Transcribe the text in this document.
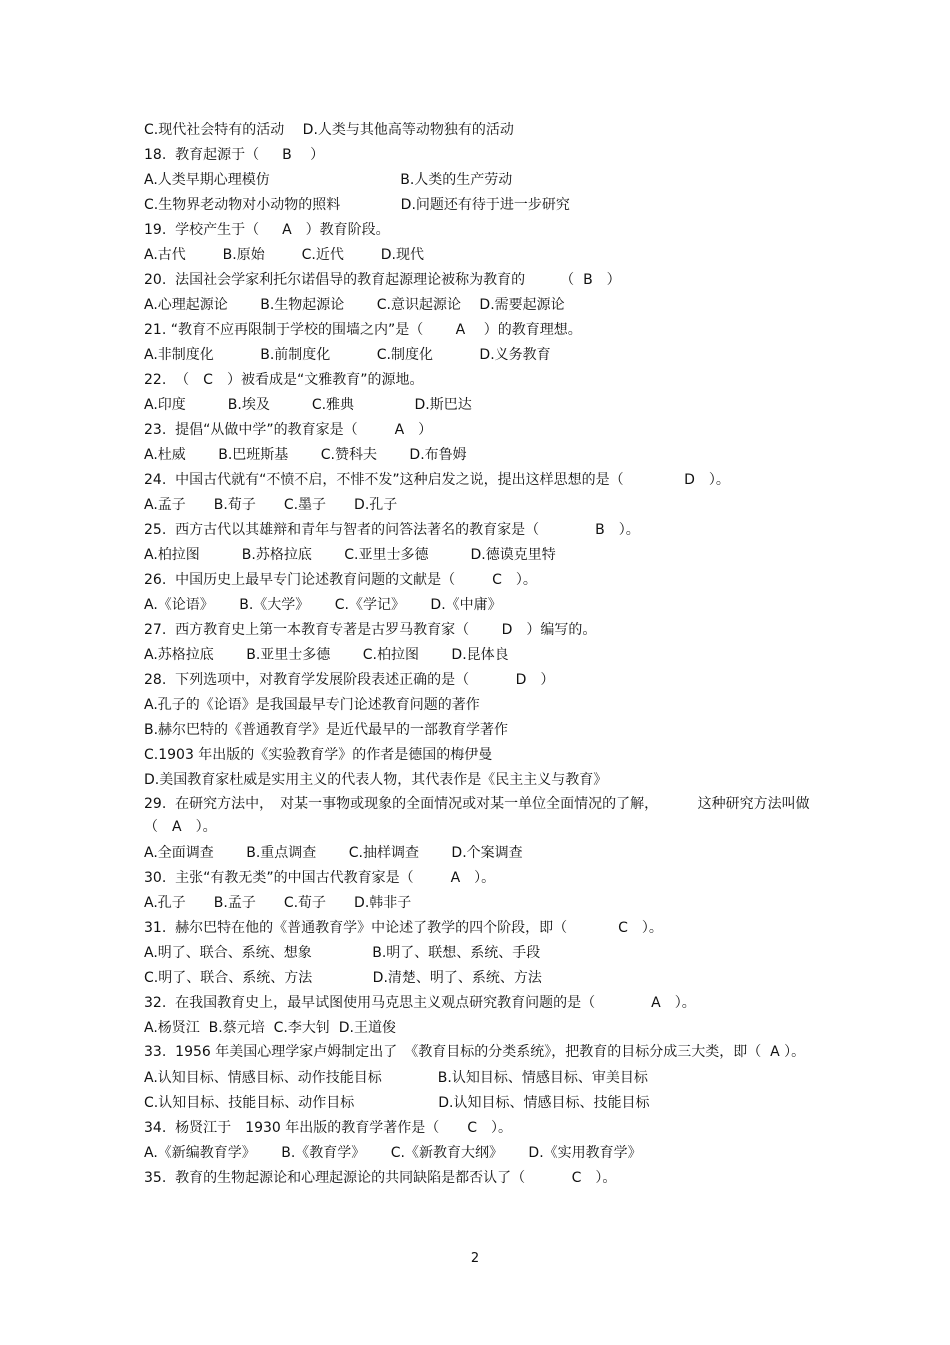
C.现代社会特有的活动　 D.人类与其他高等动物独有的活动
18.  教育起源于（　  B　 ）
A.人类早期心理模仿　　　　　　　　　 B.人类的生产劳动
C.生物界老动物对小动物的照料　　　　 D.问题还有待于进一步研究
19.  学校产生于（　  A　）教育阶段。
A.古代　　  B.原始　　  C.近代　　  D.现代
20.  法国社会学家利托尔诺倡导的教育起源理论被称为教育的　　　（  B　）
A.心理起源论　　 B.生物起源论　　 C.意识起源论　 D.需要起源论
21. “教育不应再限制于学校的围墙之内”是（　　 A　 ）的教育理想。
A.非制度化　　　 B.前制度化　　　 C.制度化　　　 D.义务教育
22.  （　C　）被看成是“文雅教育”的源地。
A.印度　　　B.埃及　　　C.雅典　　　　 D.斯巴达
23.  提倡“从做中学”的教育家是（　　  A　）
A.杜威　　 B.巴班斯基　　 C.赞科夫　　 D.布鲁姆
24.  中国古代就有“不愤不启，不悱不发”这种启发之说，提出这样思想的是（　　　　 D　）。
A.孟子　　B.荀子　　C.墨子　　D.孔子
25.  西方古代以其雄辩和青年与智者的问答法著名的教育家是（　　　　B　）。
A.柏拉图　　　B.苏格拉底　　 C.亚里士多德　　　D.德谟克里特
26.  中国历史上最早专门论述教育问题的文献是（　　  C　）。
A.《论语》　　 B.《大学》　　 C.《学记》　　 D.《中庸》
27.  西方教育史上第一本教育专著是古罗马教育家（　　 D　）编写的。
A.苏格拉底　　 B.亚里士多德　　 C.柏拉图　　 D.昆体良
28.  下列选项中，对教育学发展阶段表述正确的是（　　　 D　）
A.孔子的《论语》是我国最早专门论述教育问题的著作
B.赫尔巴特的《普通教育学》是近代最早的一部教育学著作
C.1903 年出版的《实验教育学》的作者是德国的梅伊曼
D.美国教育家杜威是实用主义的代表人物，其代表作是《民主主义与教育》
29.  在研究方法中，　对某一事物或现象的全面情况或对某一单位全面情况的了解，　　　 这种研究方法叫做（　A　）。
A.全面调查　　 B.重点调查　　 C.抽样调查　　 D.个案调查
30.  主张“有教无类”的中国古代教育家是（　　  A　）。
A.孔子　　B.孟子　　C.荀子　　D.韩非子
31.  赫尔巴特在他的《普通教育学》中论述了教学的四个阶段，即（　　　  C　）。
A.明了、联合、系统、想象　　　　 B.明了、联想、系统、手段
C.明了、联合、系统、方法　　　　 D.清楚、明了、系统、方法
32.  在我国教育史上，最早试图使用马克思主义观点研究教育问题的是（　　　　A　）。
A.杨贤江  B.蔡元培  C.李大钊  D.王道俊
33.  1956 年美国心理学家卢姆制定出了　《教育目标的分类系统》，把教育的目标分成三大类，即（  A ）。
A.认知目标、情感目标、动作技能目标　　　　B.认知目标、情感目标、审美目标
C.认知目标、技能目标、动作目标　　　　　　D.认知目标、情感目标、技能目标
34.  杨贤江于　1930 年出版的教育学著作是（　　C　）。
A.《新编教育学》　　 B.《教育学》　　 C.《新教育大纲》　　 D.《实用教育学》
35.  教育的生物起源论和心理起源论的共同缺陷是都否认了（　　　 C　）。
2
